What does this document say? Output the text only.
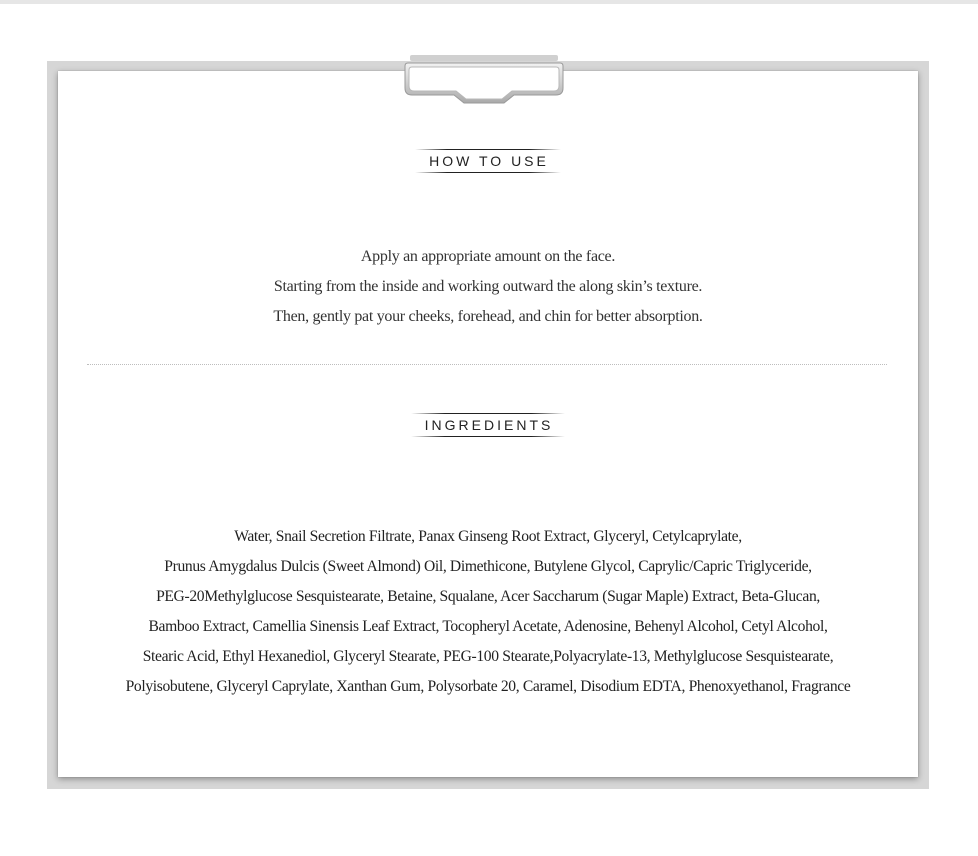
HOW TO USE
Apply an appropriate amount on the face.
Starting from the inside and working outward the along skin’s texture.
Then, gently pat your cheeks, forehead, and chin for better absorption.
INGREDIENTS
Water, Snail Secretion Filtrate, Panax Ginseng Root Extract, Glyceryl, Cetylcaprylate,
Prunus Amygdalus Dulcis (Sweet Almond) Oil, Dimethicone, Butylene Glycol, Caprylic/Capric Triglyceride,
PEG-20Methylglucose Sesquistearate, Betaine, Squalane, Acer Saccharum (Sugar Maple) Extract, Beta-Glucan,
Bamboo Extract, Camellia Sinensis Leaf Extract, Tocopheryl Acetate, Adenosine, Behenyl Alcohol, Cetyl Alcohol,
Stearic Acid, Ethyl Hexanediol, Glyceryl Stearate, PEG-100 Stearate,Polyacrylate-13, Methylglucose Sesquistearate,
Polyisobutene, Glyceryl Caprylate, Xanthan Gum, Polysorbate 20, Caramel, Disodium EDTA, Phenoxyethanol, Fragrance
